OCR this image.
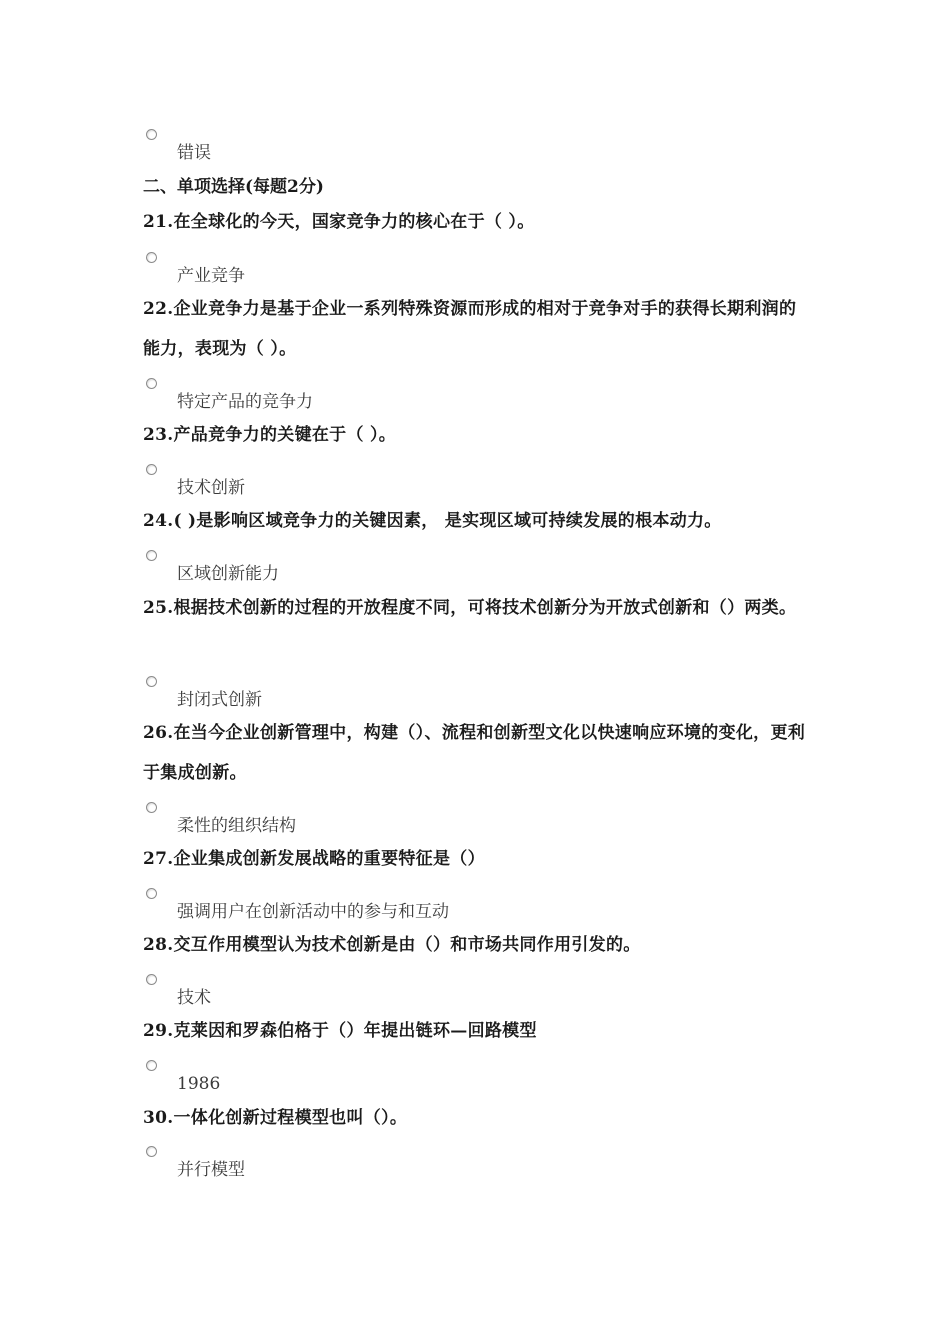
错误
二、单项选择(每题2分)
21.在全球化的今天，国家竞争力的核心在于（ ）。
产业竞争
22.企业竞争力是基于企业一系列特殊资源而形成的相对于竞争对手的获得长期利润的能力，表现为（ ）。
特定产品的竞争力
23.产品竞争力的关键在于（ ）。
技术创新
24.( )是影响区域竞争力的关键因素， 是实现区域可持续发展的根本动力。
区域创新能力
25.根据技术创新的过程的开放程度不同，可将技术创新分为开放式创新和（）两类。
封闭式创新
26.在当今企业创新管理中，构建（）、流程和创新型文化以快速响应环境的变化，更利于集成创新。
柔性的组织结构
27.企业集成创新发展战略的重要特征是（）
强调用户在创新活动中的参与和互动
28.交互作用模型认为技术创新是由（）和市场共同作用引发的。
技术
29.克莱因和罗森伯格于（）年提出链环—回路模型
1986
30.一体化创新过程模型也叫（）。
并行模型
